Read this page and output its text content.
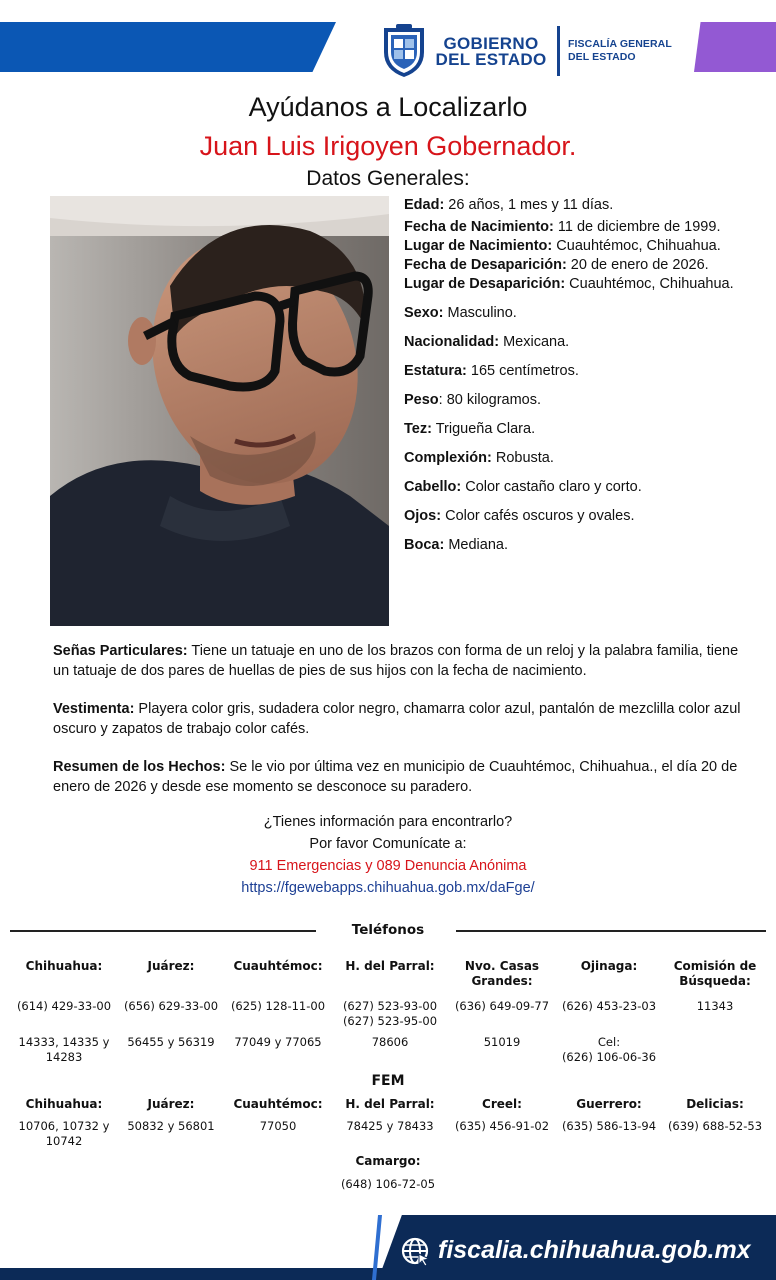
GOBIERNO
DEL ESTADO
FISCALÍA GENERAL
DEL ESTADO
Ayúdanos a Localizarlo
Juan Luis Irigoyen Gobernador.
Datos Generales:
Edad: 26 años, 1 mes y 11 días.
Fecha de Nacimiento: 11 de diciembre de 1999.
Lugar de Nacimiento: Cuauhtémoc, Chihuahua.
Fecha de Desaparición: 20 de enero de 2026.
Lugar de Desaparición: Cuauhtémoc, Chihuahua.
Sexo: Masculino.
Nacionalidad: Mexicana.
Estatura: 165 centímetros.
Peso: 80 kilogramos.
Tez: Trigueña Clara.
Complexión: Robusta.
Cabello: Color castaño claro y corto.
Ojos: Color cafés oscuros y ovales.
Boca: Mediana.
Señas Particulares: Tiene un tatuaje en uno de los brazos con forma de un reloj y la palabra familia, tiene un tatuaje de dos pares de huellas de pies de sus hijos con la fecha de nacimiento.
Vestimenta: Playera color gris, sudadera color negro, chamarra color azul, pantalón de mezclilla color azul oscuro y zapatos de trabajo color cafés.
Resumen de los Hechos: Se le vio por última vez en municipio de Cuauhtémoc, Chihuahua., el día 20 de enero de 2026 y desde ese momento se desconoce su paradero.
¿Tienes información para encontrarlo?
Por favor Comunícate a:
911 Emergencias y 089 Denuncia Anónima
https://fgewebapps.chihuahua.gob.mx/daFge/
Teléfonos
Chihuahua:
(614) 429-33-00
14333, 14335 y 14283
Juárez:
(656) 629-33-00
56455 y 56319
Cuauhtémoc:
(625) 128-11-00
77049 y 77065
H. del Parral:
(627) 523-93-00
(627) 523-95-00
78606
Nvo. Casas Grandes:
(636) 649-09-77
51019
Ojinaga:
(626) 453-23-03
Cel:
(626) 106-06-36
Comisión de Búsqueda:
11343
FEM
Chihuahua:
10706, 10732 y 10742
Juárez:
50832 y 56801
Cuauhtémoc:
77050
H. del Parral:
78425 y 78433
Creel:
(635) 456-91-02
Guerrero:
(635) 586-13-94
Delicias:
(639) 688-52-53
Camargo:
(648) 106-72-05
fiscalia.chihuahua.gob.mx
